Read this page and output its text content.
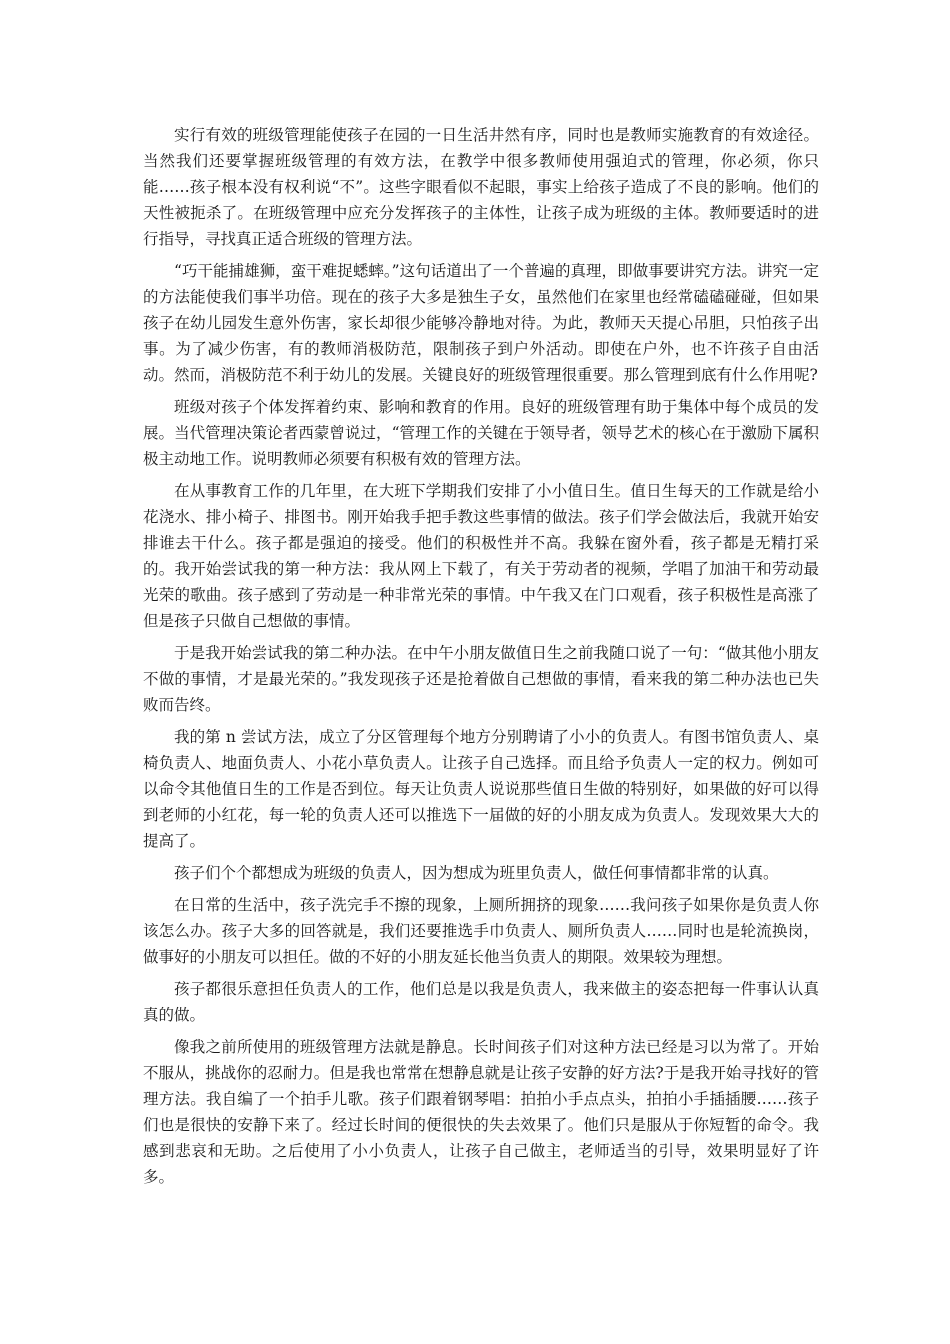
实行有效的班级管理能使孩子在园的一日生活井然有序，同时也是教师实施教育的有效途径。当然我们还要掌握班级管理的有效方法，在教学中很多教师使用强迫式的管理，你必须，你只能……孩子根本没有权利说“不”。这些字眼看似不起眼，事实上给孩子造成了不良的影响。他们的天性被扼杀了。在班级管理中应充分发挥孩子的主体性，让孩子成为班级的主体。教师要适时的进行指导，寻找真正适合班级的管理方法。

“巧干能捕雄狮，蛮干难捉蟋蟀。”这句话道出了一个普遍的真理，即做事要讲究方法。讲究一定的方法能使我们事半功倍。现在的孩子大多是独生子女，虽然他们在家里也经常磕磕碰碰，但如果孩子在幼儿园发生意外伤害，家长却很少能够冷静地对待。为此，教师天天提心吊胆，只怕孩子出事。为了减少伤害，有的教师消极防范，限制孩子到户外活动。即使在户外，也不许孩子自由活动。然而，消极防范不利于幼儿的发展。关键良好的班级管理很重要。那么管理到底有什么作用呢?

班级对孩子个体发挥着约束、影响和教育的作用。良好的班级管理有助于集体中每个成员的发展。当代管理决策论者西蒙曾说过，“管理工作的关键在于领导者，领导艺术的核心在于激励下属积极主动地工作。说明教师必须要有积极有效的管理方法。

在从事教育工作的几年里，在大班下学期我们安排了小小值日生。值日生每天的工作就是给小花浇水、排小椅子、排图书。刚开始我手把手教这些事情的做法。孩子们学会做法后，我就开始安排谁去干什么。孩子都是强迫的接受。他们的积极性并不高。我躲在窗外看，孩子都是无精打采的。我开始尝试我的第一种方法：我从网上下载了，有关于劳动者的视频，学唱了加油干和劳动最光荣的歌曲。孩子感到了劳动是一种非常光荣的事情。中午我又在门口观看，孩子积极性是高涨了但是孩子只做自己想做的事情。

于是我开始尝试我的第二种办法。在中午小朋友做值日生之前我随口说了一句：“做其他小朋友不做的事情，才是最光荣的。”我发现孩子还是抢着做自己想做的事情，看来我的第二种办法也已失败而告终。

我的第 n 尝试方法，成立了分区管理每个地方分别聘请了小小的负责人。有图书馆负责人、桌椅负责人、地面负责人、小花小草负责人。让孩子自己选择。而且给予负责人一定的权力。例如可以命令其他值日生的工作是否到位。每天让负责人说说那些值日生做的特别好，如果做的好可以得到老师的小红花，每一轮的负责人还可以推选下一届做的好的小朋友成为负责人。发现效果大大的提高了。

孩子们个个都想成为班级的负责人，因为想成为班里负责人，做任何事情都非常的认真。

在日常的生活中，孩子洗完手不擦的现象，上厕所拥挤的现象……我问孩子如果你是负责人你该怎么办。孩子大多的回答就是，我们还要推选手巾负责人、厕所负责人……同时也是轮流换岗，做事好的小朋友可以担任。做的不好的小朋友延长他当负责人的期限。效果较为理想。

孩子都很乐意担任负责人的工作，他们总是以我是负责人，我来做主的姿态把每一件事认认真真的做。

像我之前所使用的班级管理方法就是静息。长时间孩子们对这种方法已经是习以为常了。开始不服从，挑战你的忍耐力。但是我也常常在想静息就是让孩子安静的好方法?于是我开始寻找好的管理方法。我自编了一个拍手儿歌。孩子们跟着钢琴唱：拍拍小手点点头，拍拍小手插插腰……孩子们也是很快的安静下来了。经过长时间的便很快的失去效果了。他们只是服从于你短暂的命令。我感到悲哀和无助。之后使用了小小负责人，让孩子自己做主，老师适当的引导，效果明显好了许多。
